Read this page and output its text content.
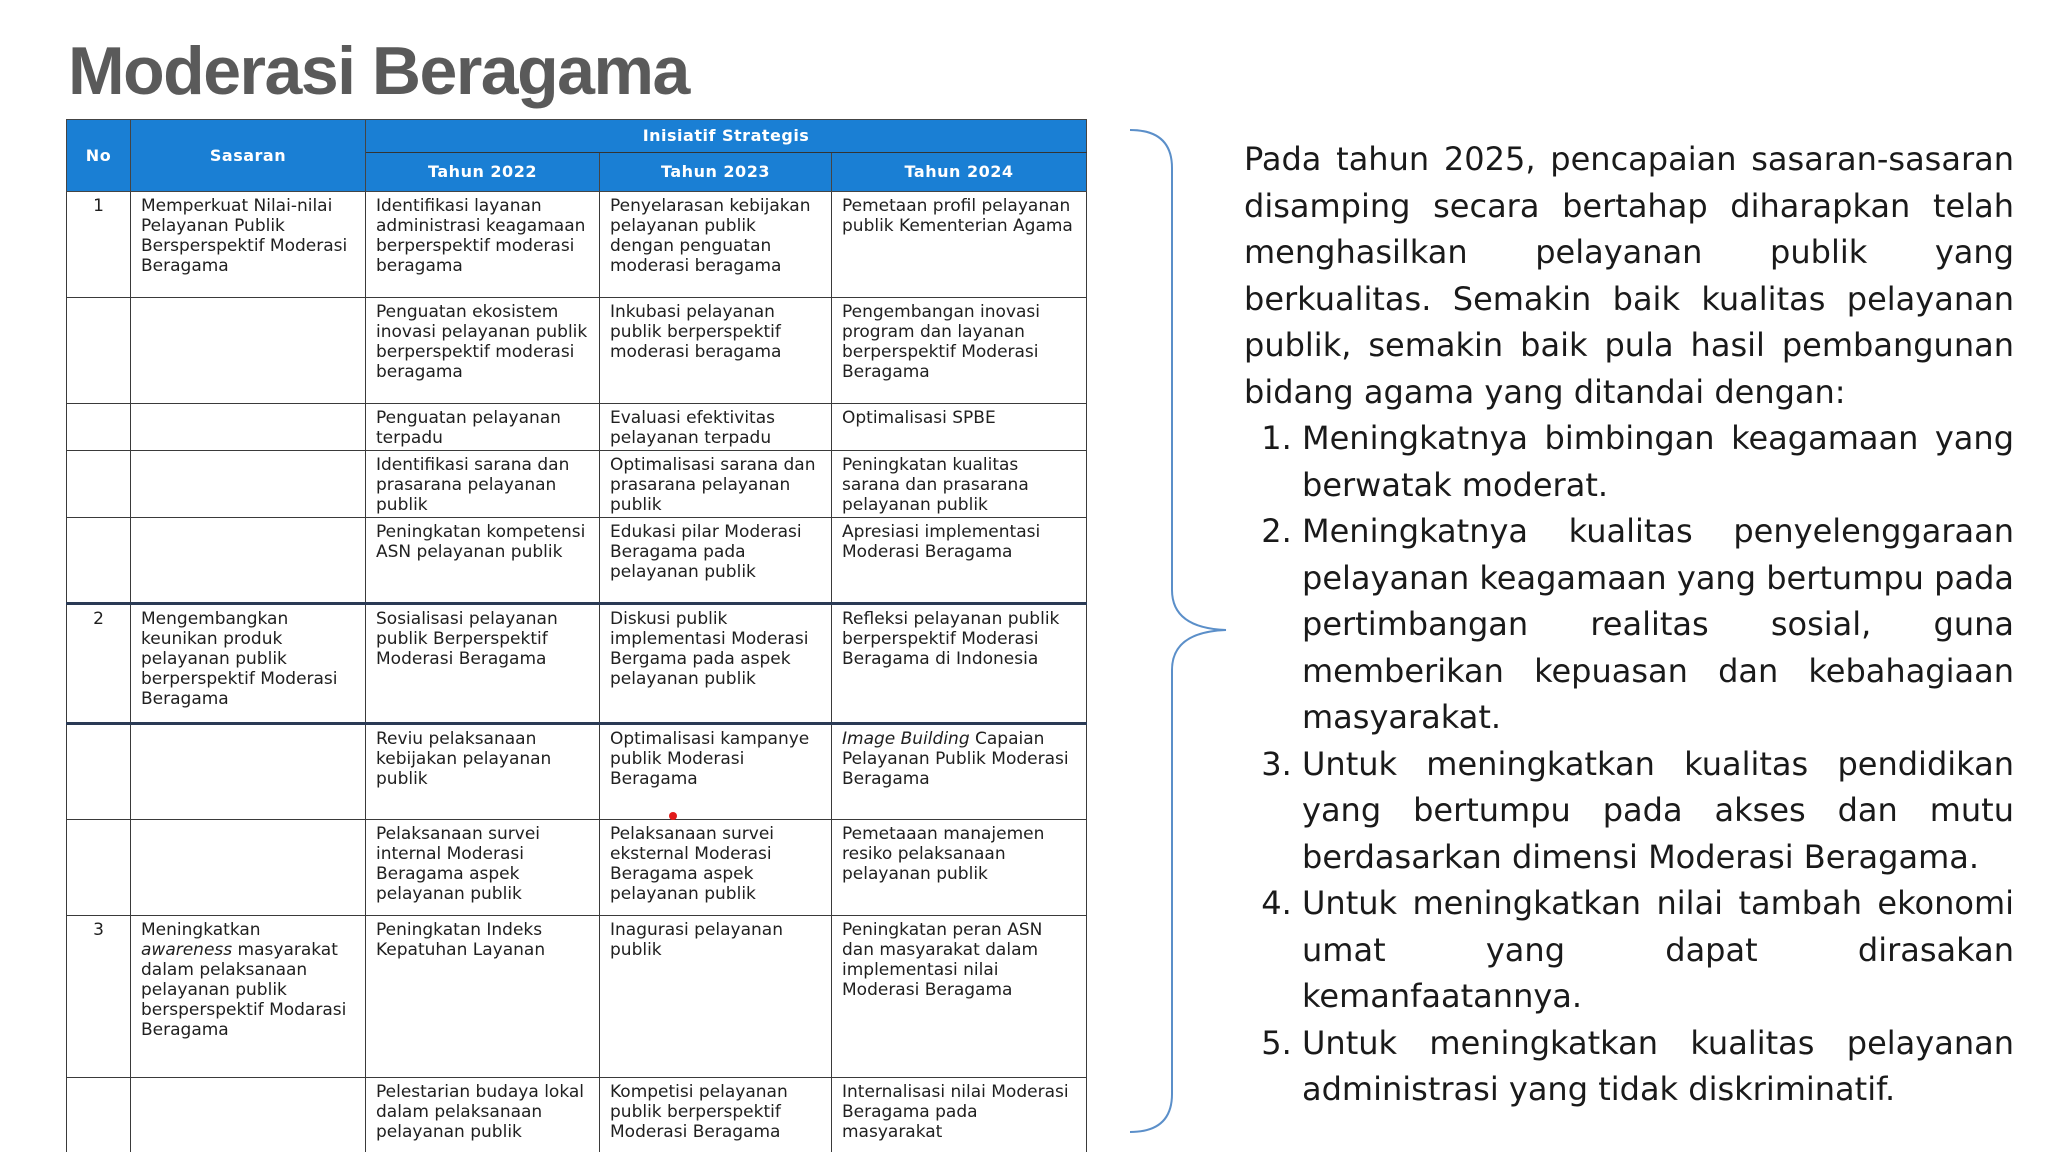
Moderasi Beragama
No	Sasaran	Inisiatif Strategis		
		Tahun 2022	Tahun 2023	Tahun 2024
1	Memperkuat Nilai-nilai Pelayanan Publik Bersperspektif Moderasi Beragama	Identifikasi layanan administrasi keagamaan berperspektif moderasi beragama	Penyelarasan kebijakan pelayanan publik dengan penguatan moderasi beragama	Pemetaan profil pelayanan publik Kementerian Agama
		Penguatan ekosistem inovasi pelayanan publik berperspektif moderasi beragama	Inkubasi pelayanan publik berperspektif moderasi beragama	Pengembangan inovasi program dan layanan berperspektif Moderasi Beragama
		Penguatan pelayanan terpadu	Evaluasi efektivitas pelayanan terpadu	Optimalisasi SPBE
		Identifikasi sarana dan prasarana pelayanan publik	Optimalisasi sarana dan prasarana pelayanan publik	Peningkatan kualitas sarana dan prasarana pelayanan publik
		Peningkatan kompetensi ASN pelayanan publik	Edukasi pilar Moderasi Beragama pada pelayanan publik	Apresiasi implementasi Moderasi Beragama
2	Mengembangkan keunikan produk pelayanan publik berperspektif Moderasi Beragama	Sosialisasi pelayanan publik Berperspektif Moderasi Beragama	Diskusi publik implementasi Moderasi Bergama pada aspek pelayanan publik	Refleksi pelayanan publik berperspektif Moderasi Beragama di Indonesia
		Reviu pelaksanaan kebijakan pelayanan publik	Optimalisasi kampanye publik Moderasi Beragama	Image Building Capaian Pelayanan Publik Moderasi Beragama
		Pelaksanaan survei internal Moderasi Beragama aspek pelayanan publik	Pelaksanaan survei eksternal Moderasi Beragama aspek pelayanan publik	Pemetaaan manajemen resiko pelaksanaan pelayanan publik
3	Meningkatkan awareness masyarakat dalam pelaksanaan pelayanan publik bersperspektif Modarasi Beragama	Peningkatan Indeks Kepatuhan Layanan	Inagurasi pelayanan publik	Peningkatan peran ASN dan masyarakat dalam implementasi nilai Moderasi Beragama
		Pelestarian budaya lokal dalam pelaksanaan pelayanan publik	Kompetisi pelayanan publik berperspektif Moderasi Beragama	Internalisasi nilai Moderasi Beragama pada masyarakat

Pada tahun 2025, pencapaian sasaran-sasaran disamping secara bertahap diharapkan telah menghasilkan pelayanan publik yang berkualitas. Semakin baik kualitas pelayanan publik, semakin baik pula hasil pembangunan bidang agama yang ditandai dengan:

1. Meningkatnya bimbingan keagamaan yang berwatak moderat.
2. Meningkatnya kualitas penyelenggaraan pelayanan keagamaan yang bertumpu pada pertimbangan realitas sosial, guna memberikan kepuasan dan kebahagiaan masyarakat.
3. Untuk meningkatkan kualitas pendidikan yang bertumpu pada akses dan mutu berdasarkan dimensi Moderasi Beragama.
4. Untuk meningkatkan nilai tambah ekonomi umat yang dapat dirasakan kemanfaatannya.
5. Untuk meningkatkan kualitas pelayanan administrasi yang tidak diskriminatif.
